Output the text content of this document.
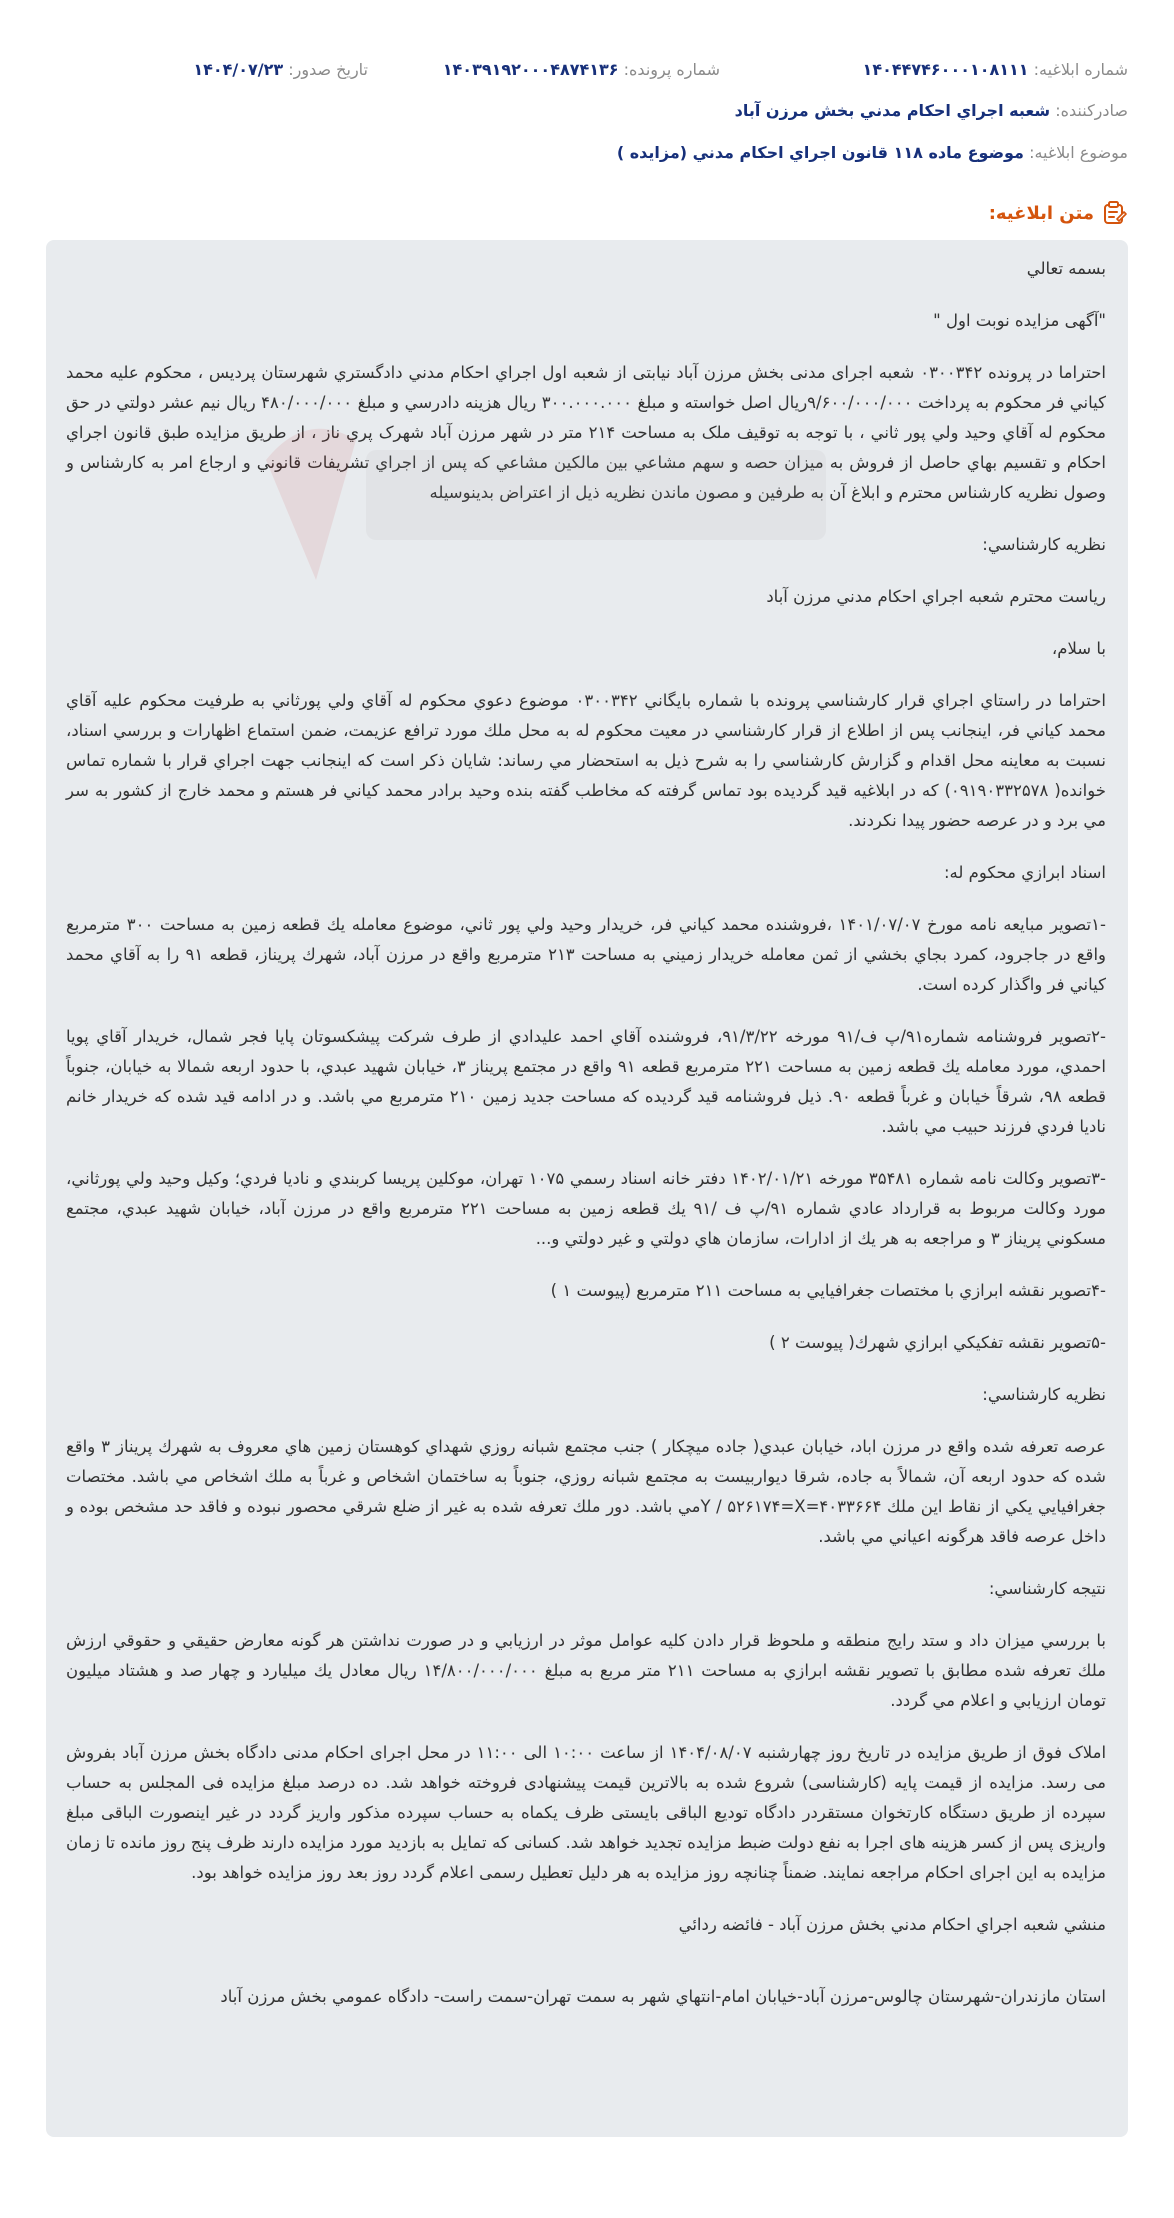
شماره ابلاغيه: ۱۴۰۴۴۷۴۶۰۰۰۱۰۸۱۱۱
شماره پرونده: ۱۴۰۳۹۱۹۲۰۰۰۴۸۷۴۱۳۶
تاريخ صدور: ۱۴۰۴/۰۷/۲۳
صادرکننده: شعبه اجراي احکام مدني بخش مرزن آباد
موضوع ابلاغيه: موضوع ماده ۱۱۸ قانون اجراي احکام مدني (مزايده )
متن ابلاغيه:

بسمه تعالي

"آگهی مزایده نوبت اول "

احتراما در پرونده ۰۳۰۰۳۴۲ شعبه اجرای مدنی بخش مرزن آباد نیابتی از شعبه اول اجراي احکام مدني دادگستري شهرستان پرديس ، محکوم عليه محمد کياني فر محکوم به پرداخت ۹/۶۰۰/۰۰۰/۰۰۰ريال اصل خواسته و مبلغ ۳۰۰.۰۰۰.۰۰۰ ريال هزينه دادرسي و مبلغ ۴۸۰/۰۰۰/۰۰۰ ريال نيم عشر دولتي در حق محکوم له آقاي وحيد ولي پور ثاني ، با توجه به توقيف ملک به مساحت ۲۱۴ متر در شهر مرزن آباد شهرک پري ناز ، از طريق مزايده طبق قانون اجراي احکام و تقسيم بهاي حاصل از فروش به ميزان حصه و سهم مشاعي بين مالکين مشاعي که پس از اجراي تشريفات قانوني و ارجاع امر به کارشناس و وصول نظريه کارشناس محترم و ابلاغ آن به طرفين و مصون ماندن نظريه ذيل از اعتراض بدينوسيله

نظريه کارشناسي:

رياست محترم شعبه اجراي احکام مدني مرزن آباد

با سلام،

احتراما در راستاي اجراي قرار کارشناسي پرونده با شماره بايگاني ۰۳۰۰۳۴۲ موضوع دعوي محکوم له آقاي ولي پورثاني به طرفيت محکوم عليه آقاي محمد کياني فر، اينجانب پس از اطلاع از قرار کارشناسي در معيت محکوم له به محل ملك مورد ترافع عزيمت، ضمن استماع اظهارات و بررسي اسناد، نسبت به معاينه محل اقدام و گزارش کارشناسي را به شرح ذيل به استحضار مي رساند: شايان ذکر است که اينجانب جهت اجراي قرار با شماره تماس خوانده( ۰۹۱۹۰۳۳۲۵۷۸) که در ابلاغيه قيد گرديده بود تماس گرفته که مخاطب گفته بنده وحيد برادر محمد کياني فر هستم و محمد خارج از کشور به سر مي برد و در عرصه حضور پيدا نکردند.

اسناد ابرازي محکوم له:

-۱تصوير مبايعه نامه مورخ ۱۴۰۱/۰۷/۰۷ ،فروشنده محمد کياني فر، خريدار وحيد ولي پور ثاني، موضوع معامله يك قطعه زمين به مساحت ۳۰۰ مترمربع واقع در جاجرود، کمرد بجاي بخشي از ثمن معامله خريدار زميني به مساحت ۲۱۳ مترمربع واقع در مرزن آباد، شهرك پريناز، قطعه ۹۱ را به آقاي محمد کياني فر واگذار کرده است.

-۲تصوير فروشنامه شماره۹۱/پ ف/۹۱ مورخه ۹۱/۳/۲۲، فروشنده آقاي احمد عليدادي از طرف شرکت پيشکسوتان پايا فجر شمال، خريدار آقاي پويا احمدي، مورد معامله يك قطعه زمين به مساحت ۲۲۱ مترمربع قطعه ۹۱ واقع در مجتمع پريناز ۳، خيابان شهيد عبدي، با حدود اربعه شمالا به خيابان، جنوباً قطعه ۹۸، شرقاً خيابان و غرباً قطعه ۹۰. ذيل فروشنامه قيد گرديده که مساحت جديد زمين ۲۱۰ مترمربع مي باشد. و در ادامه قيد شده که خريدار خانم ناديا فردي فرزند حبيب مي باشد.

-۳تصوير وکالت نامه شماره ۳۵۴۸۱ مورخه ۱۴۰۲/۰۱/۲۱ دفتر خانه اسناد رسمي ۱۰۷۵ تهران، موکلين پريسا کربندي و ناديا فردي؛ وکيل وحيد ولي پورثاني، مورد وکالت مربوط به قرارداد عادي شماره ۹۱/پ ف /۹۱ يك قطعه زمين به مساحت ۲۲۱ مترمربع واقع در مرزن آباد، خيابان شهيد عبدي، مجتمع مسکوني پريناز ۳ و مراجعه به هر يك از ادارات، سازمان هاي دولتي و غير دولتي و...

-۴تصوير نقشه ابرازي با مختصات جغرافيايي به مساحت ۲۱۱ مترمربع (پيوست ۱ )

-۵تصوير نقشه تفکيکي ابرازي شهرك( پيوست ۲ )

نظريه کارشناسي:

عرصه تعرفه شده واقع در مرزن اباد، خيابان عبدي( جاده ميچکار ) جنب مجتمع شبانه روزي شهداي کوهستان زمين هاي معروف به شهرك پريناز ۳ واقع شده که حدود اربعه آن، شمالاً به جاده، شرقا ديواربيست به مجتمع شبانه روزي، جنوباً به ساختمان اشخاص و غرباً به ملك اشخاص مي باشد. مختصات جغرافيايي يکي از نقاط اين ملك ۴۰۳۳۶۶۴=Y / ۵۲۶۱۷۴=Xمي باشد. دور ملك تعرفه شده به غير از ضلع شرقي محصور نبوده و فاقد حد مشخص بوده و داخل عرصه فاقد هرگونه اعياني مي باشد.

نتيجه کارشناسي:

با بررسي ميزان داد و ستد رايج منطقه و ملحوظ قرار دادن کليه عوامل موثر در ارزيابي و در صورت نداشتن هر گونه معارض حقيقي و حقوقي ارزش ملك تعرفه شده مطابق با تصوير نقشه ابرازي به مساحت ۲۱۱ متر مربع به مبلغ ۱۴/۸۰۰/۰۰۰/۰۰۰ ريال معادل يك ميليارد و چهار صد و هشتاد ميليون تومان ارزيابي و اعلام مي گردد.

املاک فوق از طريق مزايده در تاريخ روز چهارشنبه ۱۴۰۴/۰۸/۰۷ از ساعت ۱۰:۰۰ الی ۱۱:۰۰ در محل اجرای احکام مدنی دادگاه بخش مرزن آباد بفروش می رسد. مزايده از قيمت پايه (کارشناسی) شروع شده به بالاترين قيمت پيشنهادی فروخته خواهد شد. ده درصد مبلغ مزايده فی المجلس به حساب سپرده از طريق دستگاه کارتخوان مستقردر دادگاه توديع الباقی بايستی ظرف يکماه به حساب سپرده مذکور واريز گردد در غير اينصورت الباقی مبلغ واريزی پس از کسر هزينه های اجرا به نفع دولت ضبط مزايده تجديد خواهد شد. کسانی که تمايل به بازديد مورد مزايده دارند ظرف پنج روز مانده تا زمان مزايده به اين اجرای احکام مراجعه نمايند. ضمناً چنانچه روز مزايده به هر دليل تعطيل رسمی اعلام گردد روز بعد روز مزايده خواهد بود.

منشي شعبه اجراي احکام مدني بخش مرزن آباد - فائضه ردائي

استان مازندران-شهرستان چالوس-مرزن آباد-خيابان امام-انتهاي شهر به سمت تهران-سمت راست- دادگاه عمومي بخش مرزن آباد
